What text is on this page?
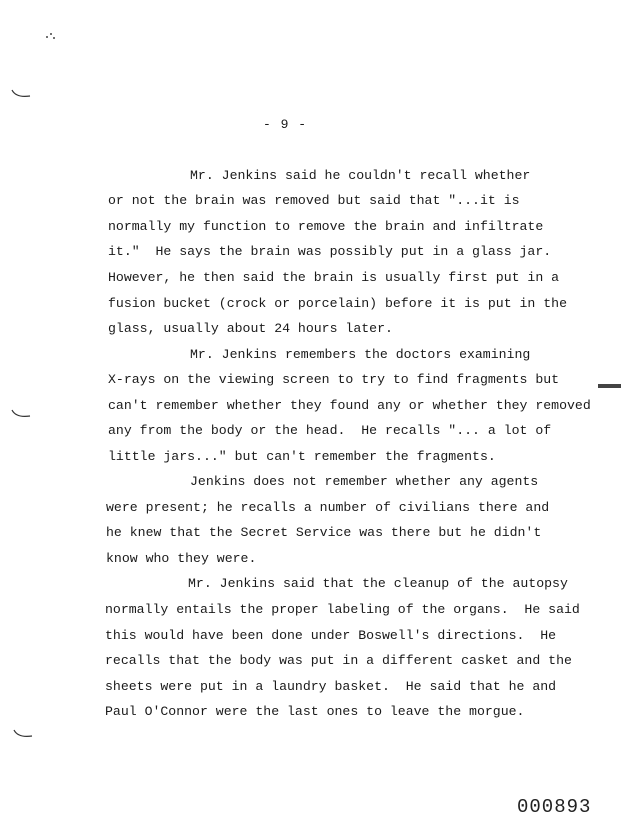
- 9 -
Mr. Jenkins said he couldn't recall whether
or not the brain was removed but said that "...it is
normally my function to remove the brain and infiltrate
it."  He says the brain was possibly put in a glass jar.
However, he then said the brain is usually first put in a
fusion bucket (crock or porcelain) before it is put in the
glass, usually about 24 hours later.
Mr. Jenkins remembers the doctors examining
X-rays on the viewing screen to try to find fragments but
can't remember whether they found any or whether they removed
any from the body or the head.  He recalls "... a lot of
little jars..." but can't remember the fragments.
Jenkins does not remember whether any agents
were present; he recalls a number of civilians there and
he knew that the Secret Service was there but he didn't
know who they were.
Mr. Jenkins said that the cleanup of the autopsy
normally entails the proper labeling of the organs.  He said
this would have been done under Boswell's directions.  He
recalls that the body was put in a different casket and the
sheets were put in a laundry basket.  He said that he and
Paul O'Connor were the last ones to leave the morgue.
000893
